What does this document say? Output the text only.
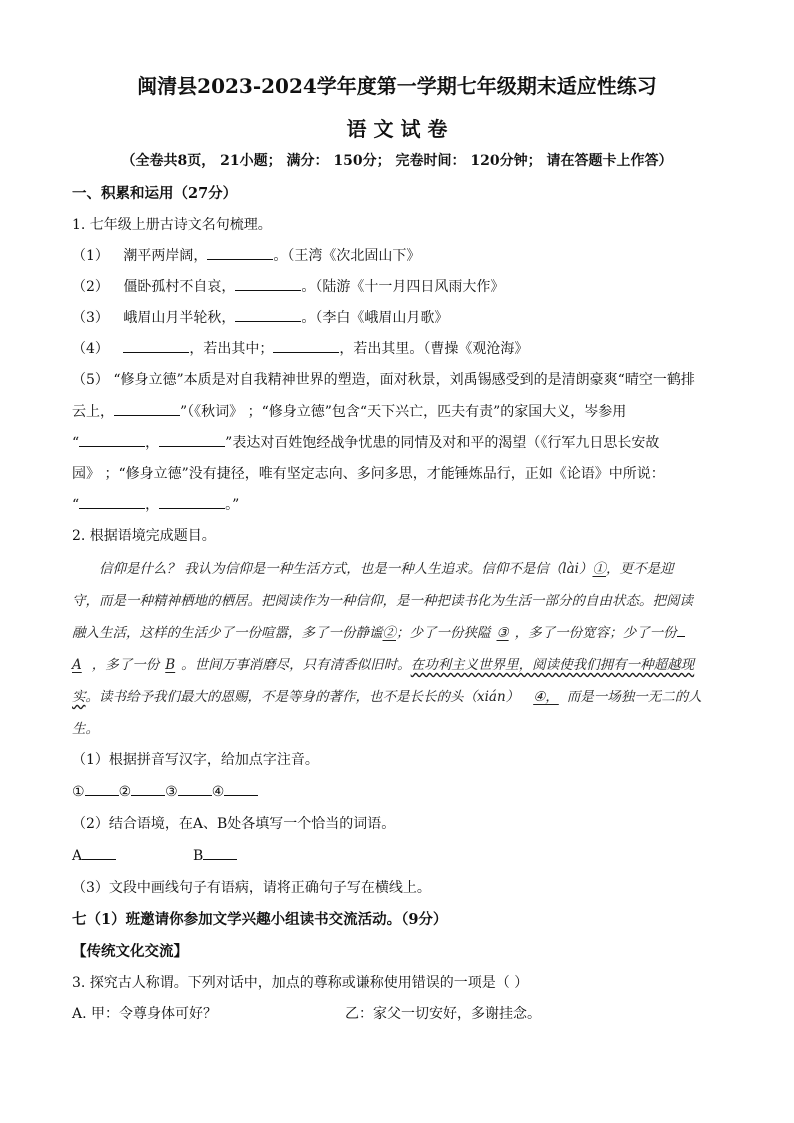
闽清县2023-2024学年度第一学期七年级期末适应性练习
语 文 试 卷
（全卷共8页， 21小题； 满分： 150分； 完卷时间： 120分钟； 请在答题卡上作答）
一、积累和运用（27分）
1. 七年级上册古诗文名句梳理。
（1） 潮平两岸阔，	。（王湾《次北固山下》
（2） 僵卧孤村不自哀，	。（陆游《十一月四日风雨大作》
（3） 峨眉山月半轮秋，	。（李白《峨眉山月歌》
（4）	，若出其中；	，若出其里。（曹操《观沧海》
（5） “修身立德”本质是对自我精神世界的塑造，面对秋景，刘禹锡感受到的是清朗豪爽“晴空一鹤排
云上，	”（《秋词》 ；“修身立德”包含“天下兴亡，匹夫有责”的家国大义，岑参用
“	，	”表达对百姓饱经战争忧患的同情及对和平的渴望（《行军九日思长安故
园》 ；“修身立德”没有捷径，唯有坚定志向、多问多思，才能锤炼品行，正如《论语》中所说：
“	，	。”
2. 根据语境完成题目。
信仰是什么？ 我认为信仰是一种生活方式，也是一种人生追求。信仰不是信（lài）①，更不是迎
守，而是一种精神栖地的栖居。把阅读作为一种信仰，是一种把读书化为生活一部分的自由状态。把阅读
融入生活，这样的生活少了一份喧嚣，多了一份静谧②；少了一份狭隘 ③ ，多了一份宽容；少了一份
A ，多了一份 B 。世间万事消磨尽，只有清香似旧时。在功利主义世界里，阅读使我们拥有一种超越现
实。读书给予我们最大的恩赐，不是等身的著作，也不是长长的头（xián） ④， 而是一场独一无二的人
生。
（1）根据拼音写汉字，给加点字注音。
① ② ③ ④
（2）结合语境，在A、B处各填写一个恰当的词语。
A	B
（3）文段中画线句子有语病，请将正确句子写在横线上。
七（1）班邀请你参加文学兴趣小组读书交流活动。（9分）
【传统文化交流】
3. 探究古人称谓。下列对话中，加点的尊称或谦称使用错误的一项是（ ）
A. 甲：令尊身体可好？	乙：家父一切安好，多谢挂念。
